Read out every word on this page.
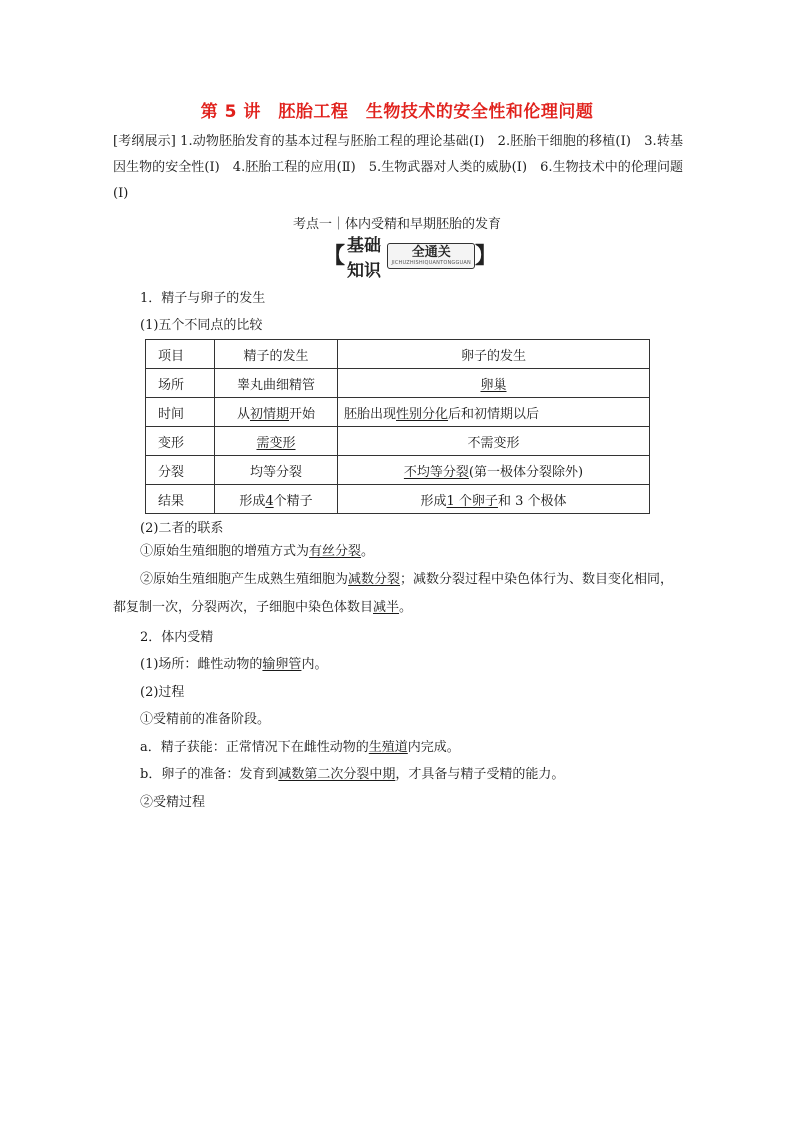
第 5 讲　胚胎工程　生物技术的安全性和伦理问题
[考纲展示] 1.动物胚胎发育的基本过程与胚胎工程的理论基础(Ⅰ)　2.胚胎干细胞的移植(Ⅰ)　3.转基因生物的安全性(Ⅰ)　4.胚胎工程的应用(Ⅱ)　5.生物武器对人类的威胁(Ⅰ)　6.生物技术中的伦理问题(Ⅰ)
考点一｜体内受精和早期胚胎的发育
【 基础知识
全通关
JICHUZHISHIQUANTONGGUAN 】
1．精子与卵子的发生
(1)五个不同点的比较
项目	精子的发生	卵子的发生
场所	睾丸曲细精管	卵巢
时间	从初情期开始	胚胎出现性别分化后和初情期以后
变形	需变形	不需变形
分裂	均等分裂	不均等分裂(第一极体分裂除外)
结果	形成4个精子	形成1 个卵子和 3 个极体
(2)二者的联系
①原始生殖细胞的增殖方式为有丝分裂。
②原始生殖细胞产生成熟生殖细胞为减数分裂；减数分裂过程中染色体行为、数目变化相同，都复制一次，分裂两次，子细胞中染色体数目减半。
2．体内受精
(1)场所：雌性动物的输卵管内。
(2)过程
①受精前的准备阶段。
a．精子获能：正常情况下在雌性动物的生殖道内完成。
b．卵子的准备：发育到减数第二次分裂中期，才具备与精子受精的能力。
②受精过程
